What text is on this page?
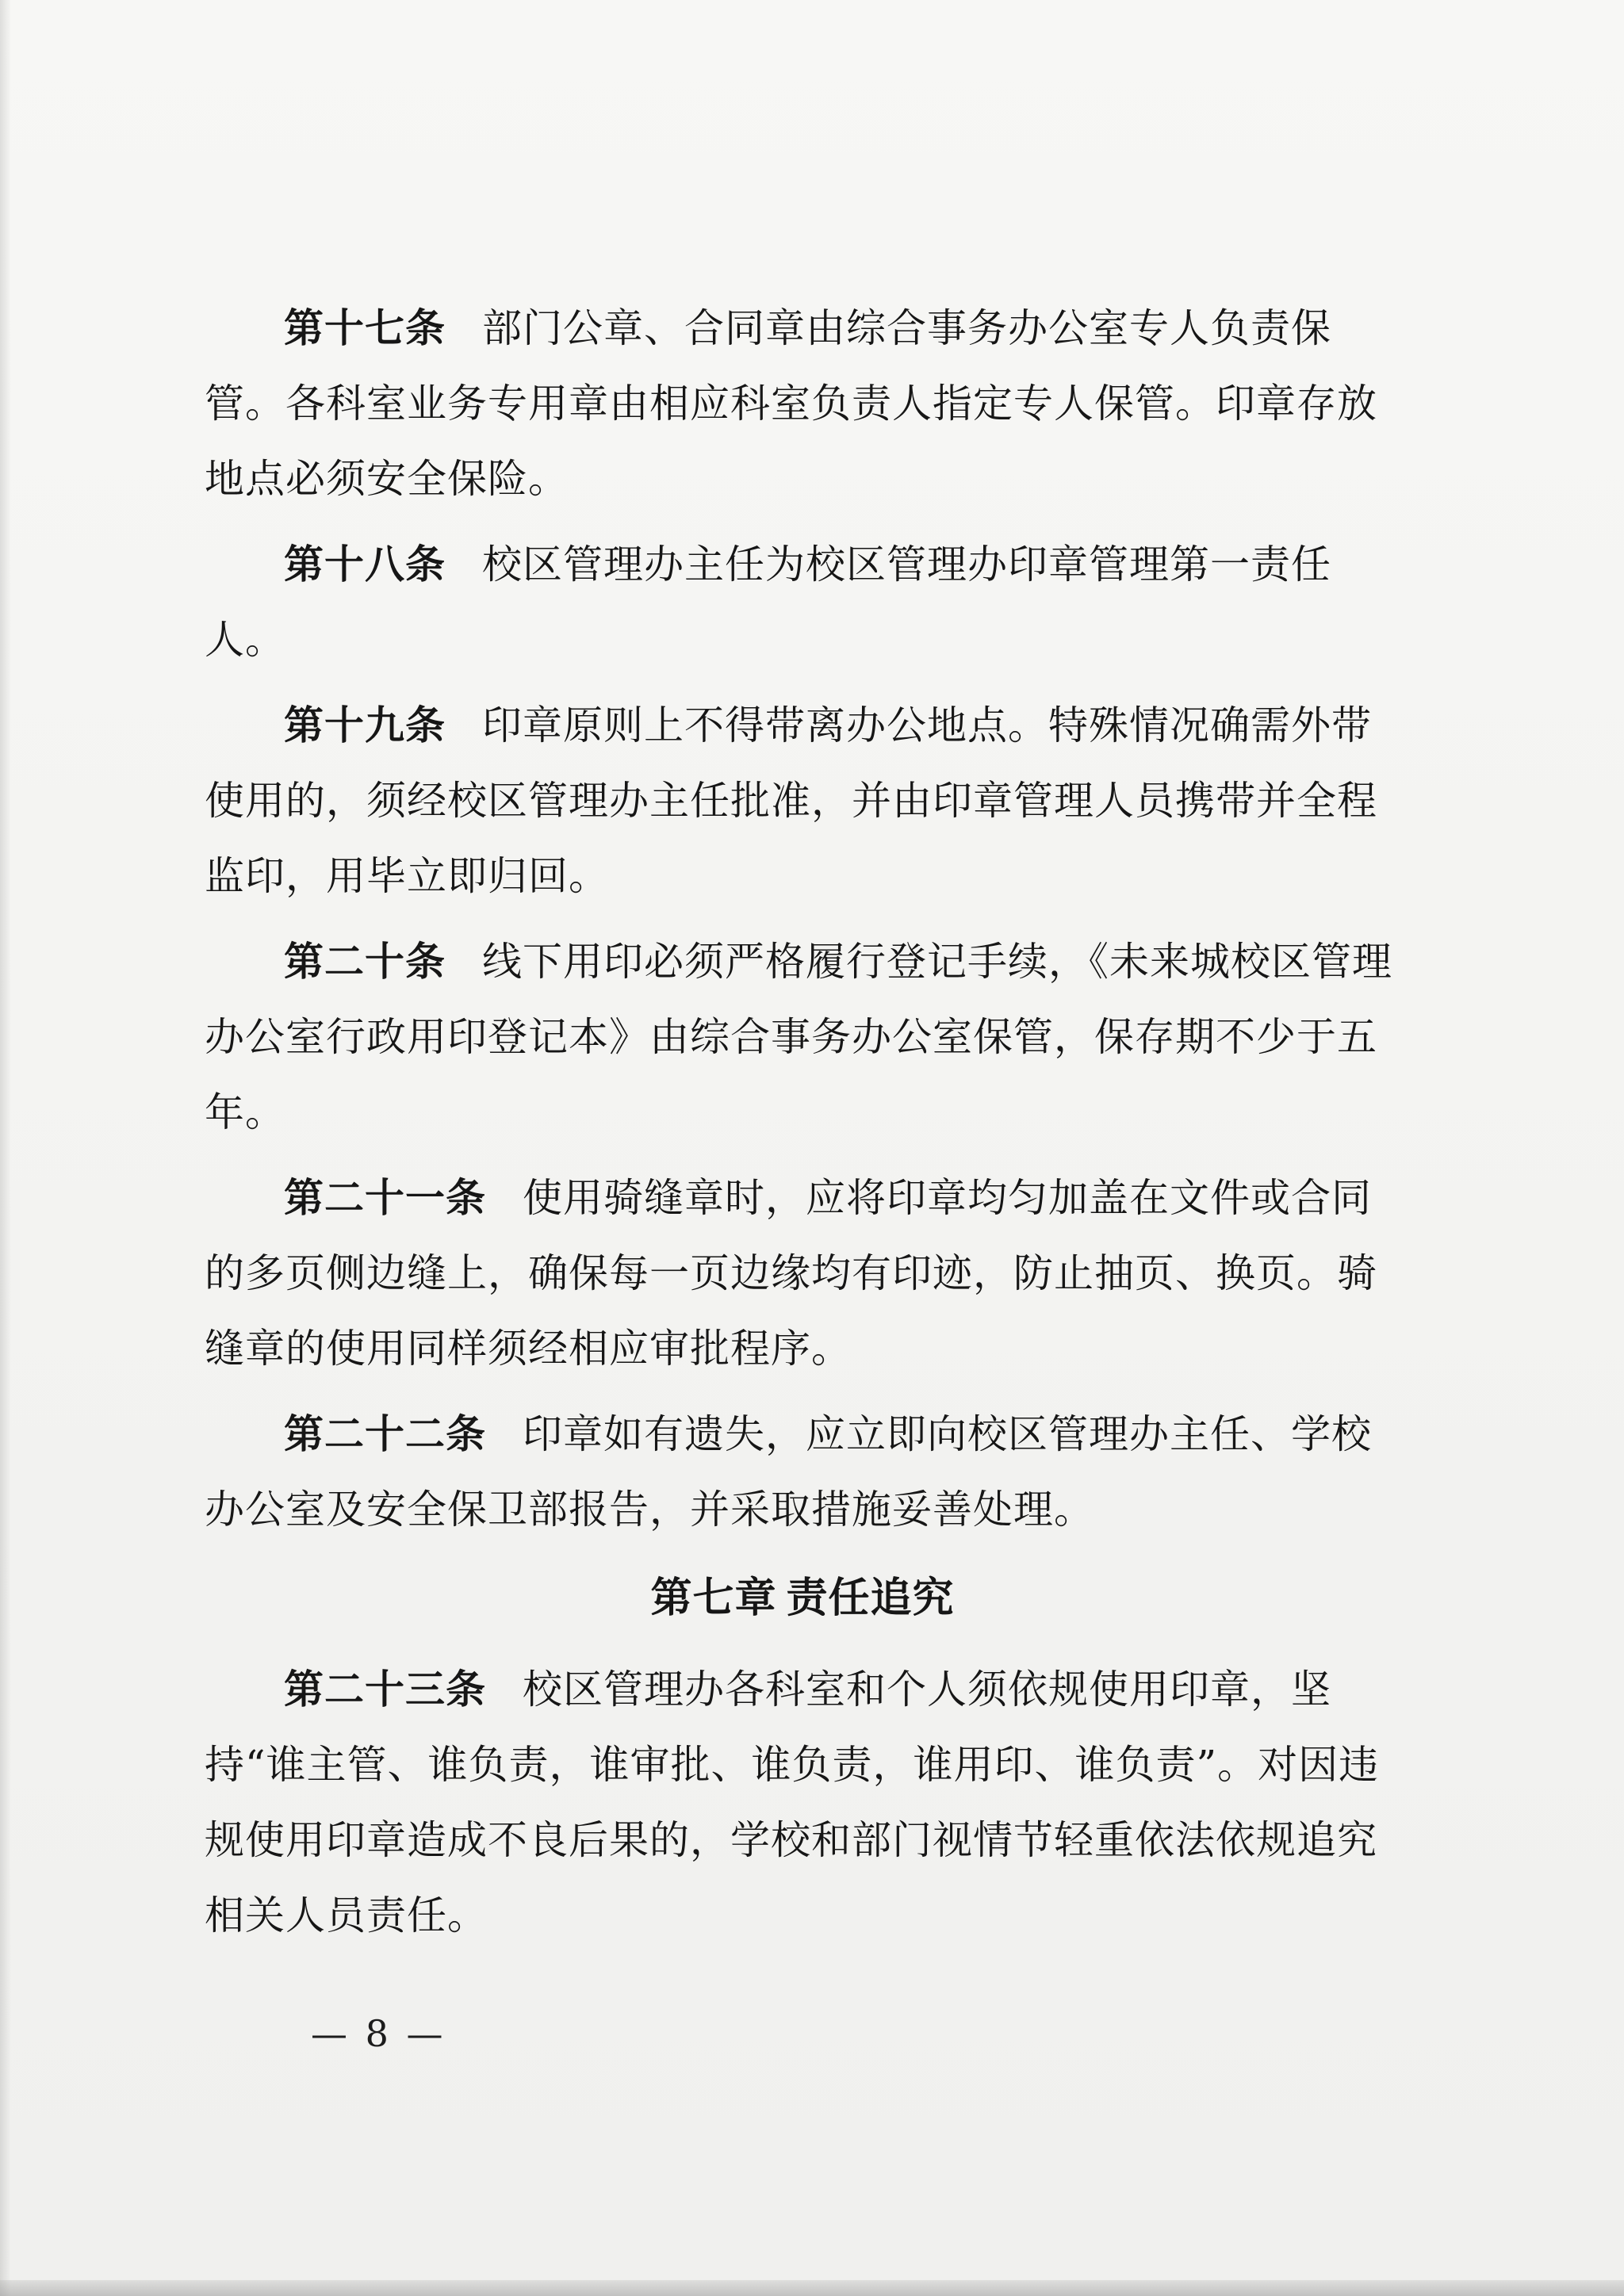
第十七条 部门公章、合同章由综合事务办公室专人负责保管。各科室业务专用章由相应科室负责人指定专人保管。印章存放地点必须安全保险。

第十八条 校区管理办主任为校区管理办印章管理第一责任人。

第十九条 印章原则上不得带离办公地点。特殊情况确需外带使用的，须经校区管理办主任批准，并由印章管理人员携带并全程监印，用毕立即归回。

第二十条 线下用印必须严格履行登记手续，《未来城校区管理办公室行政用印登记本》由综合事务办公室保管，保存期不少于五年。

第二十一条 使用骑缝章时，应将印章均匀加盖在文件或合同的多页侧边缝上，确保每一页边缘均有印迹，防止抽页、换页。骑缝章的使用同样须经相应审批程序。

第二十二条 印章如有遗失，应立即向校区管理办主任、学校办公室及安全保卫部报告，并采取措施妥善处理。

第七章 责任追究

第二十三条 校区管理办各科室和个人须依规使用印章，坚持“谁主管、谁负责，谁审批、谁负责，谁用印、谁负责”。对因违规使用印章造成不良后果的，学校和部门视情节轻重依法依规追究相关人员责任。

— 8 —
